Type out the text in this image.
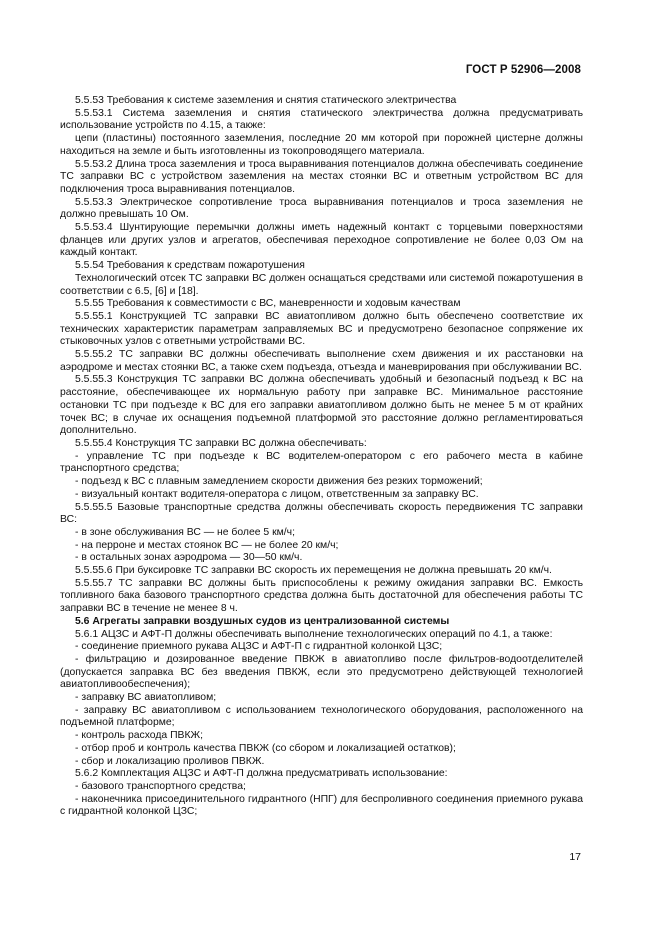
ГОСТ Р 52906—2008

5.5.53 Требования к системе заземления и снятия статического электричества

5.5.53.1 Система заземления и снятия статического электричества должна предусматривать использование устройств по 4.15, а также:

цепи (пластины) постоянного заземления, последние 20 мм которой при порожней цистерне должны находиться на земле и быть изготовленны из токопроводящего материала.

5.5.53.2 Длина троса заземления и троса выравнивания потенциалов должна обеспечивать соединение ТС заправки ВС с устройством заземления на местах стоянки ВС и ответным устройством ВС для подключения троса выравнивания потенциалов.

5.5.53.3 Электрическое сопротивление троса выравнивания потенциалов и троса заземления не должно превышать 10 Ом.

5.5.53.4 Шунтирующие перемычки должны иметь надежный контакт с торцевыми поверхностями фланцев или других узлов и агрегатов, обеспечивая переходное сопротивление не более 0,03 Ом на каждый контакт.

5.5.54 Требования к средствам пожаротушения

Технологический отсек ТС заправки ВС должен оснащаться средствами или системой пожаротушения в соответствии с 6.5, [6] и [18].

5.5.55 Требования к совместимости с ВС, маневренности и ходовым качествам

5.5.55.1 Конструкцией ТС заправки ВС авиатопливом должно быть обеспечено соответствие их технических характеристик параметрам заправляемых ВС и предусмотрено безопасное сопряжение их стыковочных узлов с ответными устройствами ВС.

5.5.55.2 ТС заправки ВС должны обеспечивать выполнение схем движения и их расстановки на аэродроме и местах стоянки ВС, а также схем подъезда, отъезда и маневрирования при обслуживании ВС.

5.5.55.3 Конструкция ТС заправки ВС должна обеспечивать удобный и безопасный подъезд к ВС на расстояние, обеспечивающее их нормальную работу при заправке ВС. Минимальное расстояние остановки ТС при подъезде к ВС для его заправки авиатопливом должно быть не менее 5 м от крайних точек ВС; в случае их оснащения подъемной платформой это расстояние должно регламентироваться дополнительно.

5.5.55.4 Конструкция ТС заправки ВС должна обеспечивать:

- управление ТС при подъезде к ВС водителем-оператором с его рабочего места в кабине транспортного средства;

- подъезд к ВС с плавным замедлением скорости движения без резких торможений;

- визуальный контакт водителя-оператора с лицом, ответственным за заправку ВС.

5.5.55.5 Базовые транспортные средства должны обеспечивать скорость передвижения ТС заправки ВС:

- в зоне обслуживания ВС — не более 5 км/ч;

- на перроне и местах стоянок ВС — не более 20 км/ч;

- в остальных зонах аэродрома — 30—50 км/ч.

5.5.55.6 При буксировке ТС заправки ВС скорость их перемещения не должна превышать 20 км/ч.

5.5.55.7 ТС заправки ВС должны быть приспособлены к режиму ожидания заправки ВС. Емкость топливного бака базового транспортного средства должна быть достаточной для обеспечения работы ТС заправки ВС в течение не менее 8 ч.

5.6 Агрегаты заправки воздушных судов из централизованной системы

5.6.1 АЦЗС и АФТ-П должны обеспечивать выполнение технологических операций по 4.1, а также:

- соединение приемного рукава АЦЗС и АФТ-П с гидрантной колонкой ЦЗС;

- фильтрацию и дозированное введение ПВКЖ в авиатопливо после фильтров-водоотделителей (допускается заправка ВС без введения ПВКЖ, если это предусмотрено действующей технологией авиатопливообеспечения);

- заправку ВС авиатопливом;

- заправку ВС авиатопливом с использованием технологического оборудования, расположенного на подъемной платформе;

- контроль расхода ПВКЖ;

- отбор проб и контроль качества ПВКЖ (со сбором и локализацией остатков);

- сбор и локализацию проливов ПВКЖ.

5.6.2 Комплектация АЦЗС и АФТ-П должна предусматривать использование:

- базового транспортного средства;

- наконечника присоединительного гидрантного (НПГ) для беспроливного соединения приемного рукава с гидрантной колонкой ЦЗС;

17
